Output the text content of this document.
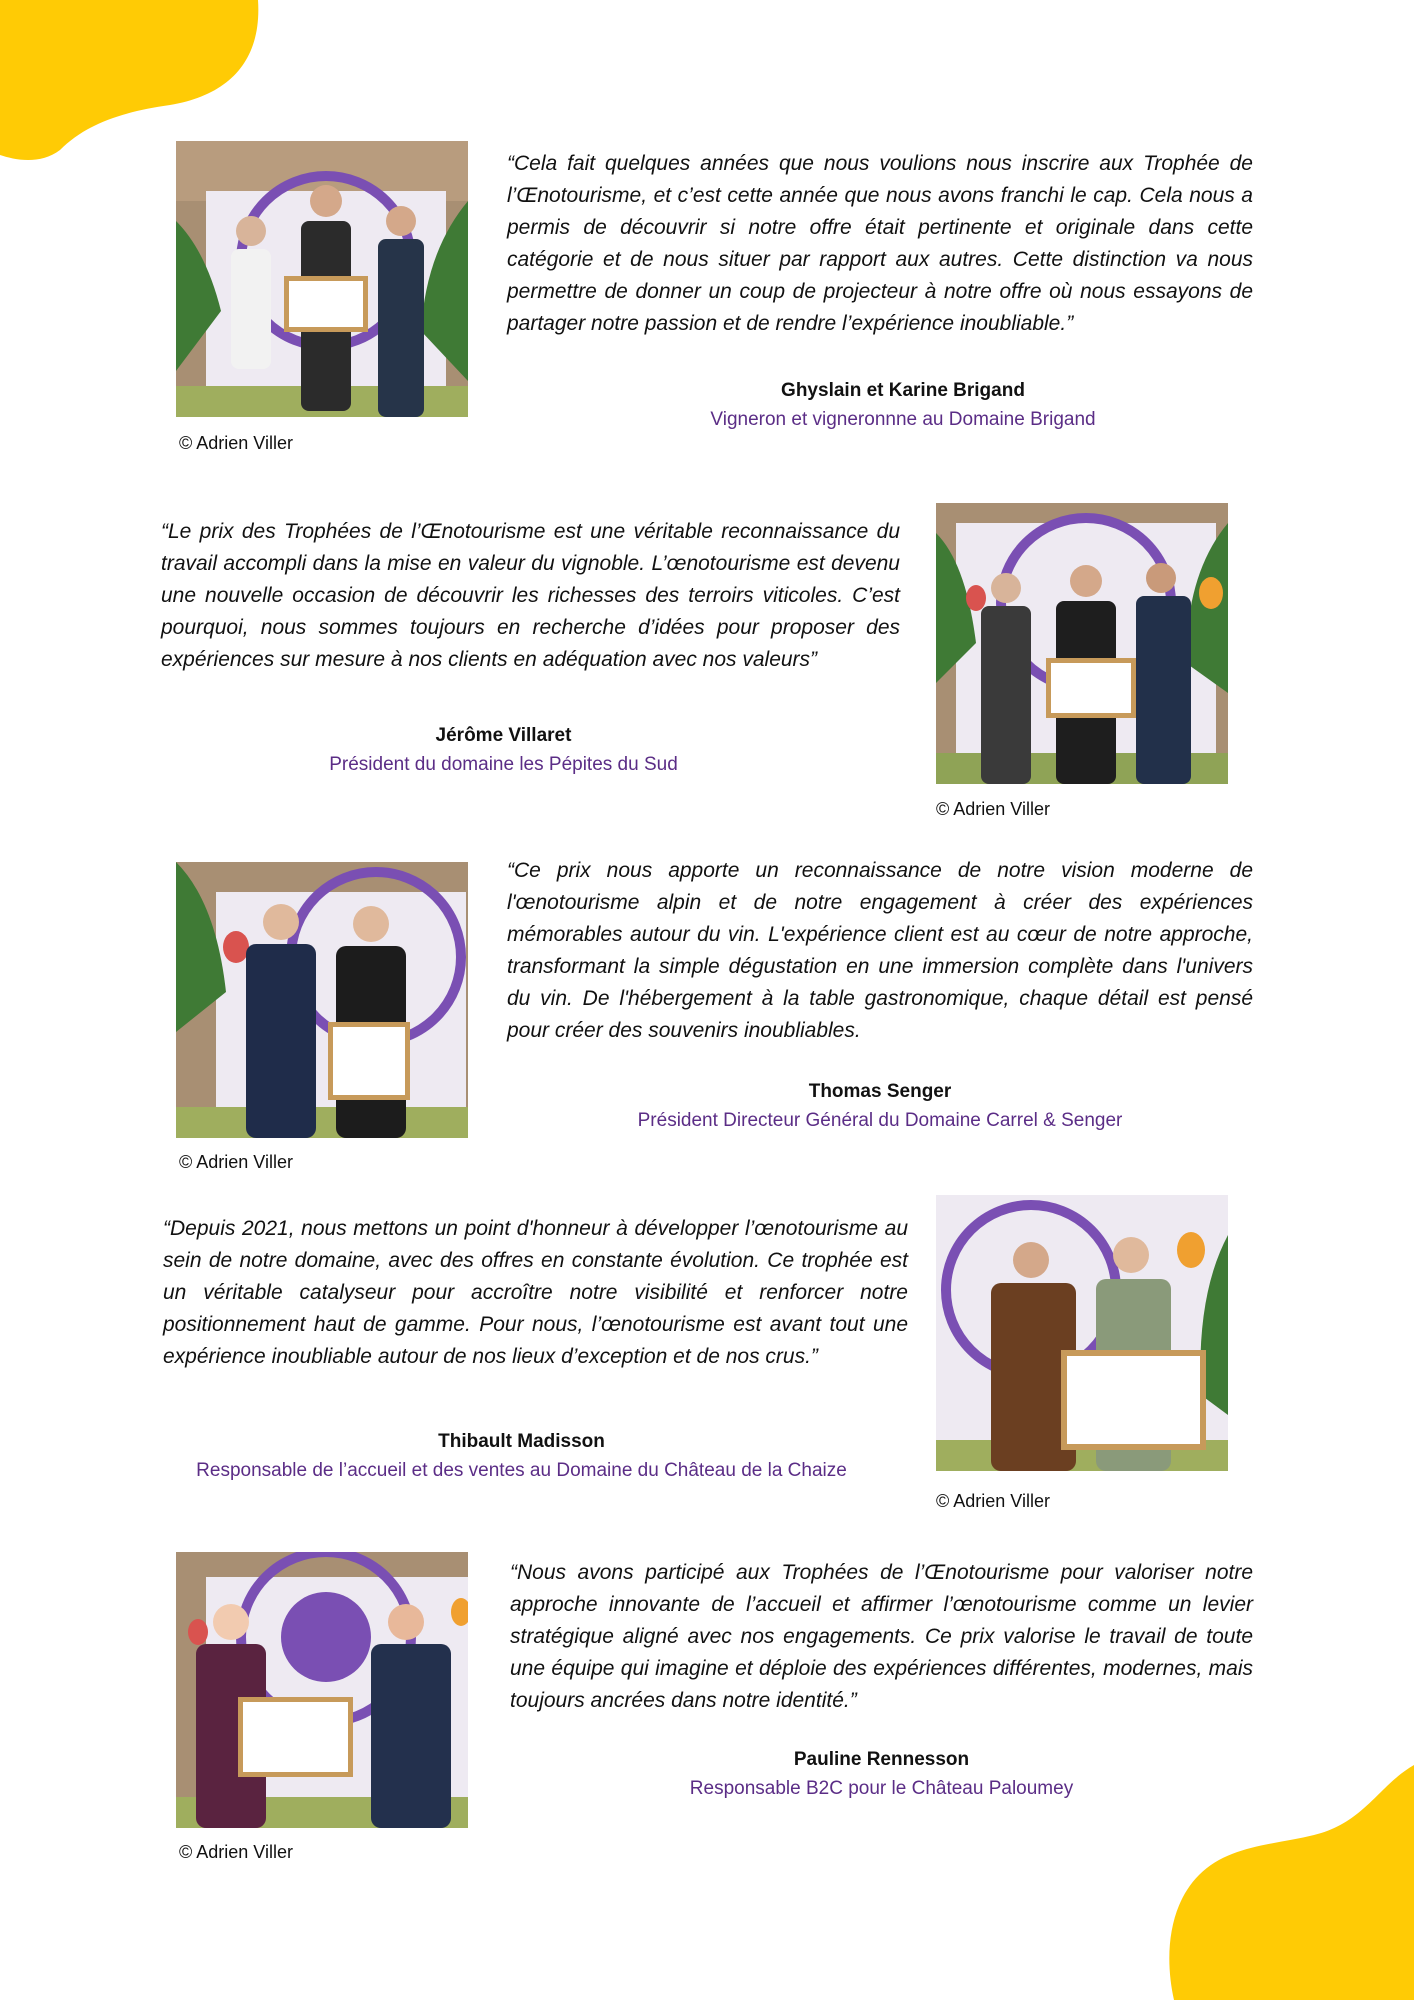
© Adrien Viller
“Cela fait quelques années que nous voulions nous inscrire aux Trophée de l’Œnotourisme, et c’est cette année que nous avons franchi le cap. Cela nous a permis de découvrir si notre offre était pertinente et originale dans cette catégorie et de nous situer par rapport aux autres. Cette distinction va nous permettre de donner un coup de projecteur à notre offre où nous essayons de partager notre passion et de rendre l’expérience inoubliable.”
Ghyslain et Karine Brigand
Vigneron et vigneronnne au Domaine Brigand
“Le prix des Trophées de l’Œnotourisme est une véritable reconnaissance du travail accompli dans la mise en valeur du vignoble. L’œnotourisme est devenu une nouvelle occasion de découvrir les richesses des terroirs viticoles. C’est pourquoi, nous sommes toujours en recherche d’idées pour proposer des expériences sur mesure à nos clients en adéquation avec nos valeurs”
Jérôme Villaret
Président du domaine les Pépites du Sud
© Adrien Viller
© Adrien Viller
“Ce prix nous apporte un reconnaissance de notre vision moderne de l'œnotourisme alpin et de notre engagement à créer des expériences mémorables autour du vin. L'expérience client est au cœur de notre approche, transformant la simple dégustation en une immersion complète dans l'univers du vin. De l'hébergement à la table gastronomique, chaque détail est pensé pour créer des souvenirs inoubliables.
Thomas Senger
Président Directeur Général du Domaine Carrel & Senger
“Depuis 2021, nous mettons un point d'honneur à développer l’œnotourisme au sein de notre domaine, avec des offres en constante évolution. Ce trophée est un véritable catalyseur pour accroître notre visibilité et renforcer notre positionnement haut de gamme. Pour nous, l’œnotourisme est avant tout une expérience inoubliable autour de nos lieux d’exception et de nos crus.”
Thibault Madisson
Responsable de l’accueil et des ventes au Domaine du Château de la Chaize
© Adrien Viller
© Adrien Viller
“Nous avons participé aux Trophées de l’Œnotourisme pour valoriser notre approche innovante de l’accueil et affirmer l’œnotourisme comme un levier stratégique aligné avec nos engagements. Ce prix valorise le travail de toute une équipe qui imagine et déploie des expériences différentes, modernes, mais toujours ancrées dans notre identité.”
Pauline Rennesson
Responsable B2C pour le Château Paloumey
